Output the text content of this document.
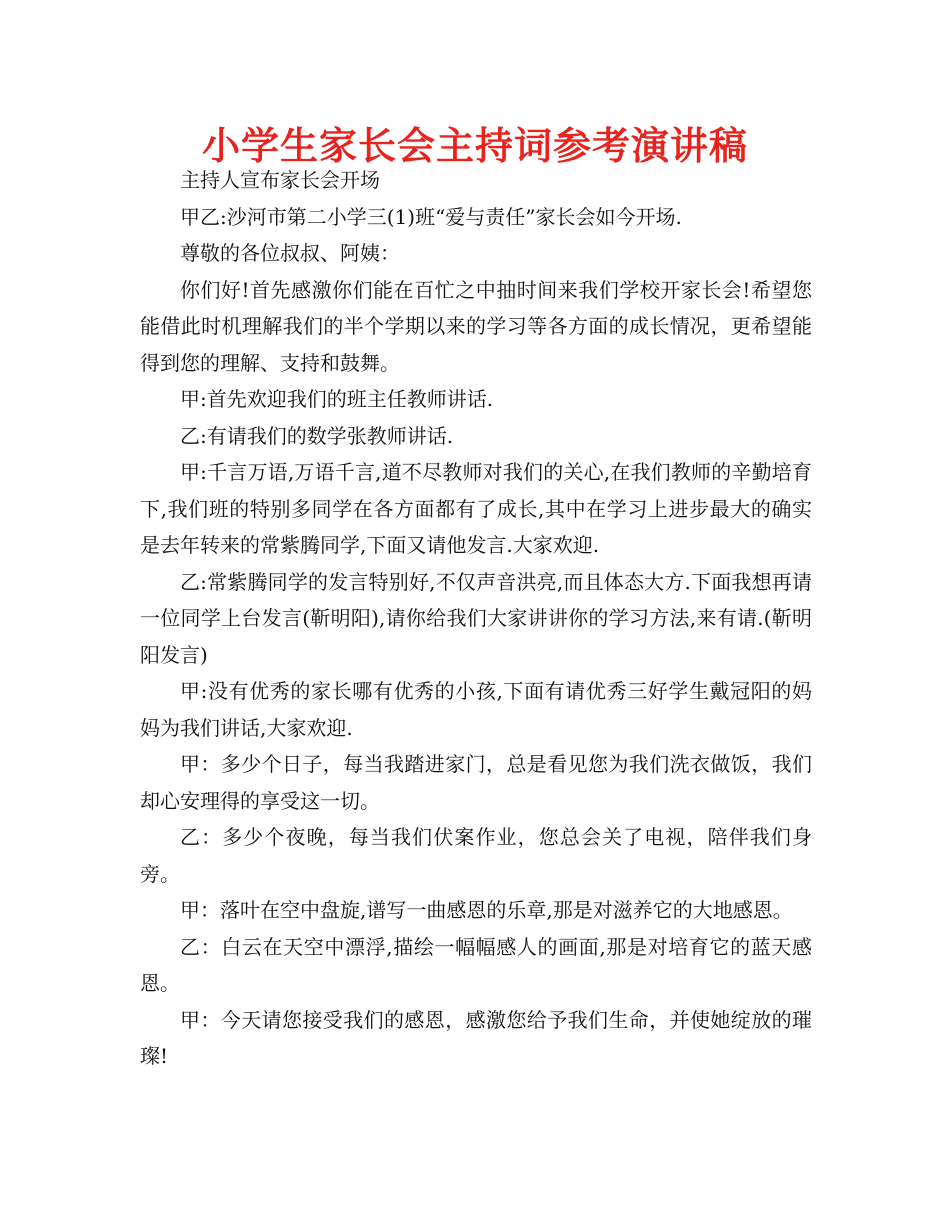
小学生家长会主持词参考演讲稿

主持人宣布家长会开场

甲乙:沙河市第二小学三(1)班“爱与责任”家长会如今开场.

尊敬的各位叔叔、阿姨：

你们好!首先感激你们能在百忙之中抽时间来我们学校开家长会!希望您能借此时机理解我们的半个学期以来的学习等各方面的成长情况，更希望能得到您的理解、支持和鼓舞。

甲:首先欢迎我们的班主任教师讲话.

乙:有请我们的数学张教师讲话.

甲:千言万语,万语千言,道不尽教师对我们的关心,在我们教师的辛勤培育下,我们班的特别多同学在各方面都有了成长,其中在学习上进步最大的确实是去年转来的常紫腾同学,下面又请他发言.大家欢迎.

乙:常紫腾同学的发言特别好,不仅声音洪亮,而且体态大方.下面我想再请一位同学上台发言(靳明阳),请你给我们大家讲讲你的学习方法,来有请.(靳明阳发言)

甲:没有优秀的家长哪有优秀的小孩,下面有请优秀三好学生戴冠阳的妈妈为我们讲话,大家欢迎.

甲：多少个日子，每当我踏进家门，总是看见您为我们洗衣做饭，我们却心安理得的享受这一切。

乙：多少个夜晚，每当我们伏案作业，您总会关了电视，陪伴我们身旁。

甲：落叶在空中盘旋,谱写一曲感恩的乐章,那是对滋养它的大地感恩。

乙：白云在天空中漂浮,描绘一幅幅感人的画面,那是对培育它的蓝天感恩。

甲：今天请您接受我们的感恩，感激您给予我们生命，并使她绽放的璀璨!
